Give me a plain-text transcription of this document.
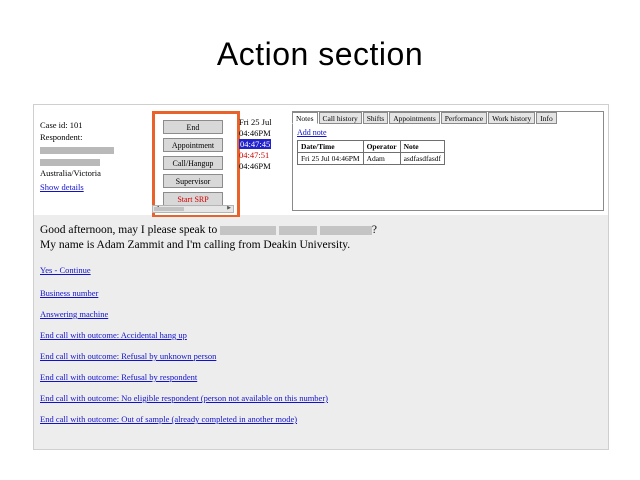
Action section
Case id: 101
Respondent:
Australia/Victoria
Show details
End
Appointment
Call/Hangup
Supervisor
Start SRP
Fri 25 Jul
04:46PM
04:47:45
04:47:51
04:46PM
▶
Notes	Call history	Shifts	Appointments	Performance	Work history	Info
Add note
Date/Time	Operator	Note
Fri 25 Jul 04:46PM	Adam	asdfasdfasdf
Good afternoon, may I please speak to	?
My name is Adam Zammit and I'm calling from Deakin University.
Yes - Continue
Business number
Answering machine
End call with outcome: Accidental hang up
End call with outcome: Refusal by unknown person
End call with outcome: Refusal by respondent
End call with outcome: No eligible respondent (person not available on this number)
End call with outcome: Out of sample (already completed in another mode)
